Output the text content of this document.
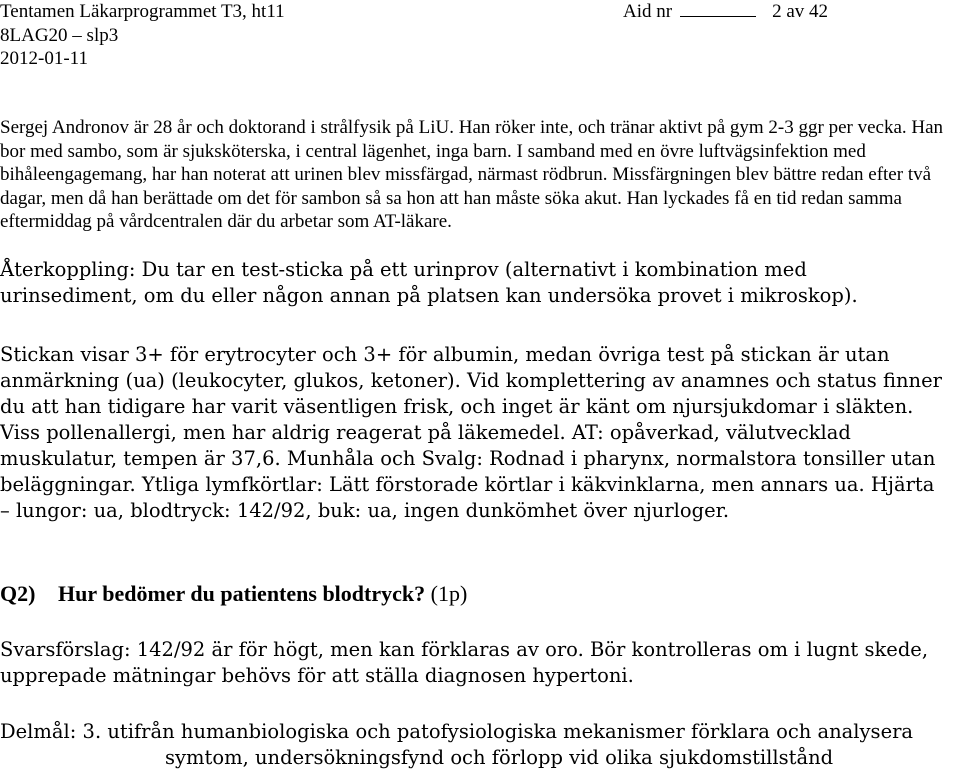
Tentamen Läkarprogrammet T3, ht11	Aid nr	2 av 42
8LAG20 – slp3
2012-01-11

Sergej Andronov är 28 år och doktorand i strålfysik på LiU. Han röker inte, och tränar aktivt på gym 2-3 ggr per vecka. Han bor med sambo, som är sjuksköterska, i central lägenhet, inga barn. I samband med en övre luftvägsinfektion med bihåleengagemang, har han noterat att urinen blev missfärgad, närmast rödbrun. Missfärgningen blev bättre redan efter två dagar, men då han berättade om det för sambon så sa hon att han måste söka akut. Han lyckades få en tid redan samma eftermiddag på vårdcentralen där du arbetar som AT-läkare.

Återkoppling: Du tar en test-sticka på ett urinprov (alternativt i kombination med urinsediment, om du eller någon annan på platsen kan undersöka provet i mikroskop).

Stickan visar 3+ för erytrocyter och 3+ för albumin, medan övriga test på stickan är utan anmärkning (ua) (leukocyter, glukos, ketoner). Vid komplettering av anamnes och status finner du att han tidigare har varit väsentligen frisk, och inget är känt om njursjukdomar i släkten. Viss pollenallergi, men har aldrig reagerat på läkemedel. AT: opåverkad, välutvecklad muskulatur, tempen är 37,6. Munhåla och Svalg: Rodnad i pharynx, normalstora tonsiller utan beläggningar. Ytliga lymfkörtlar: Lätt förstorade körtlar i käkvinklarna, men annars ua. Hjärta – lungor: ua, blodtryck: 142/92, buk: ua, ingen dunkömhet över njurloger.

Q2) Hur bedömer du patientens blodtryck? (1p)

Svarsförslag: 142/92 är för högt, men kan förklaras av oro. Bör kontrolleras om i lugnt skede, upprepade mätningar behövs för att ställa diagnosen hypertoni.

Delmål: 3. utifrån humanbiologiska och patofysiologiska mekanismer förklara och analysera
symtom, undersökningsfynd och förlopp vid olika sjukdomstillstånd
